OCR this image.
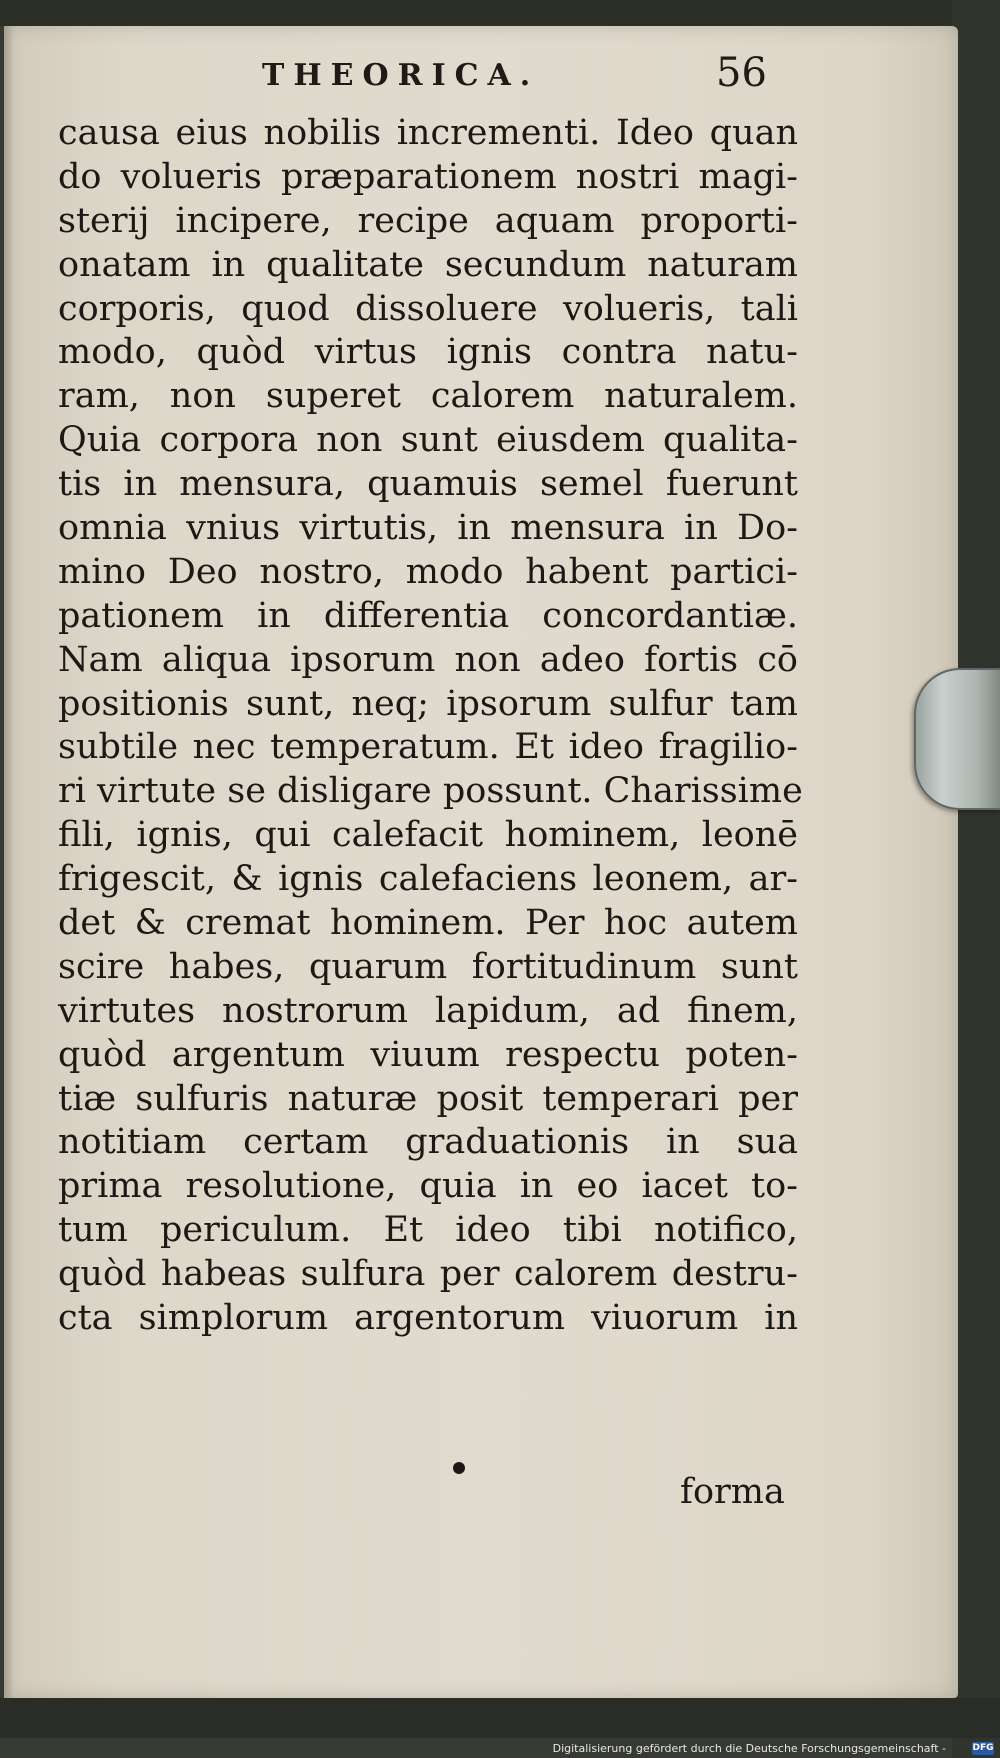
THEORICA.	56
causa eius nobilis incrementi. Ideo quan
do volueris præparationem nostri magi-
sterij incipere, recipe aquam proporti-
onatam in qualitate secundum naturam
corporis, quod dissoluere volueris, tali
modo, quòd virtus ignis contra natu-
ram, non superet calorem naturalem.
Quia corpora non sunt eiusdem qualita-
tis in mensura, quamuis semel fuerunt
omnia vnius virtutis, in mensura in Do-
mino Deo nostro, modo habent partici-
pationem in differentia concordantiæ.
Nam aliqua ipsorum non adeo fortis cō
positionis sunt, neq; ipsorum sulfur tam
subtile nec temperatum. Et ideo fragilio-
ri virtute se disligare possunt. Charissime
fili, ignis, qui calefacit hominem, leonē
frigescit, & ignis calefaciens leonem, ar-
det & cremat hominem. Per hoc autem
scire habes, quarum fortitudinum sunt
virtutes nostrorum lapidum, ad finem,
quòd argentum viuum respectu poten-
tiæ sulfuris naturæ posit temperari per
notitiam certam graduationis in sua
prima resolutione, quia in eo iacet to-
tum periculum. Et ideo tibi notifico,
quòd habeas sulfura per calorem destru-
cta simplorum argentorum viuorum in
forma
Digitalisierung gefördert durch die Deutsche Forschungsgemeinschaft -	DFG
